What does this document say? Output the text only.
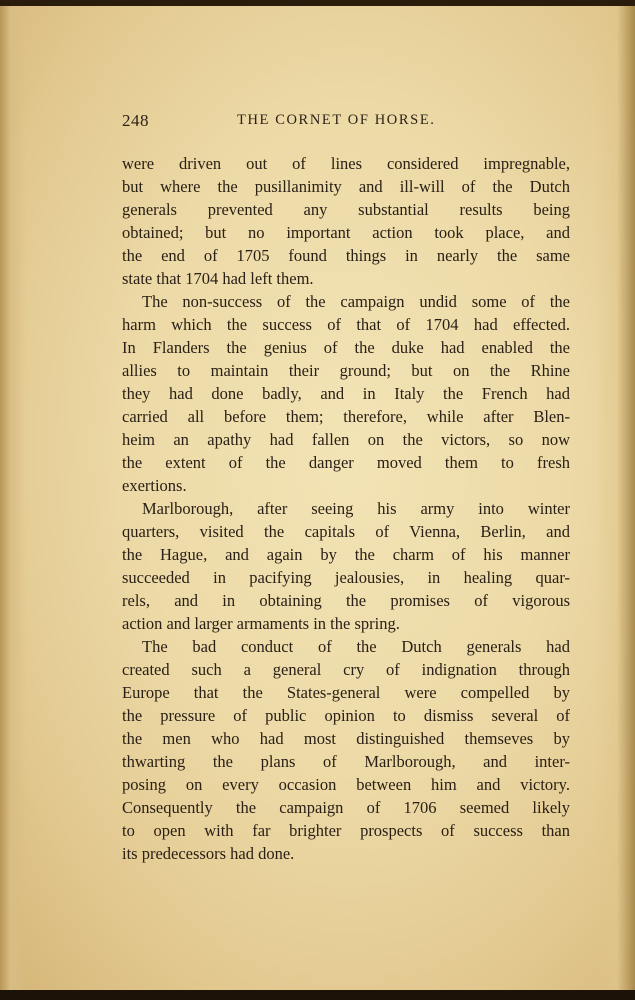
248	THE CORNET OF HORSE.
were driven out of lines considered impregnable,
but where the pusillanimity and ill-will of the Dutch
generals prevented any substantial results being
obtained; but no important action took place, and
the end of 1705 found things in nearly the same
state that 1704 had left them.
The non-success of the campaign undid some of the
harm which the success of that of 1704 had effected.
In Flanders the genius of the duke had enabled the
allies to maintain their ground; but on the Rhine
they had done badly, and in Italy the French had
carried all before them; therefore, while after Blen-
heim an apathy had fallen on the victors, so now
the extent of the danger moved them to fresh
exertions.
Marlborough, after seeing his army into winter
quarters, visited the capitals of Vienna, Berlin, and
the Hague, and again by the charm of his manner
succeeded in pacifying jealousies, in healing quar-
rels, and in obtaining the promises of vigorous
action and larger armaments in the spring.
The bad conduct of the Dutch generals had
created such a general cry of indignation through
Europe that the States-general were compelled by
the pressure of public opinion to dismiss several of
the men who had most distinguished themseves by
thwarting the plans of Marlborough, and inter-
posing on every occasion between him and victory.
Consequently the campaign of 1706 seemed likely
to open with far brighter prospects of success than
its predecessors had done.
